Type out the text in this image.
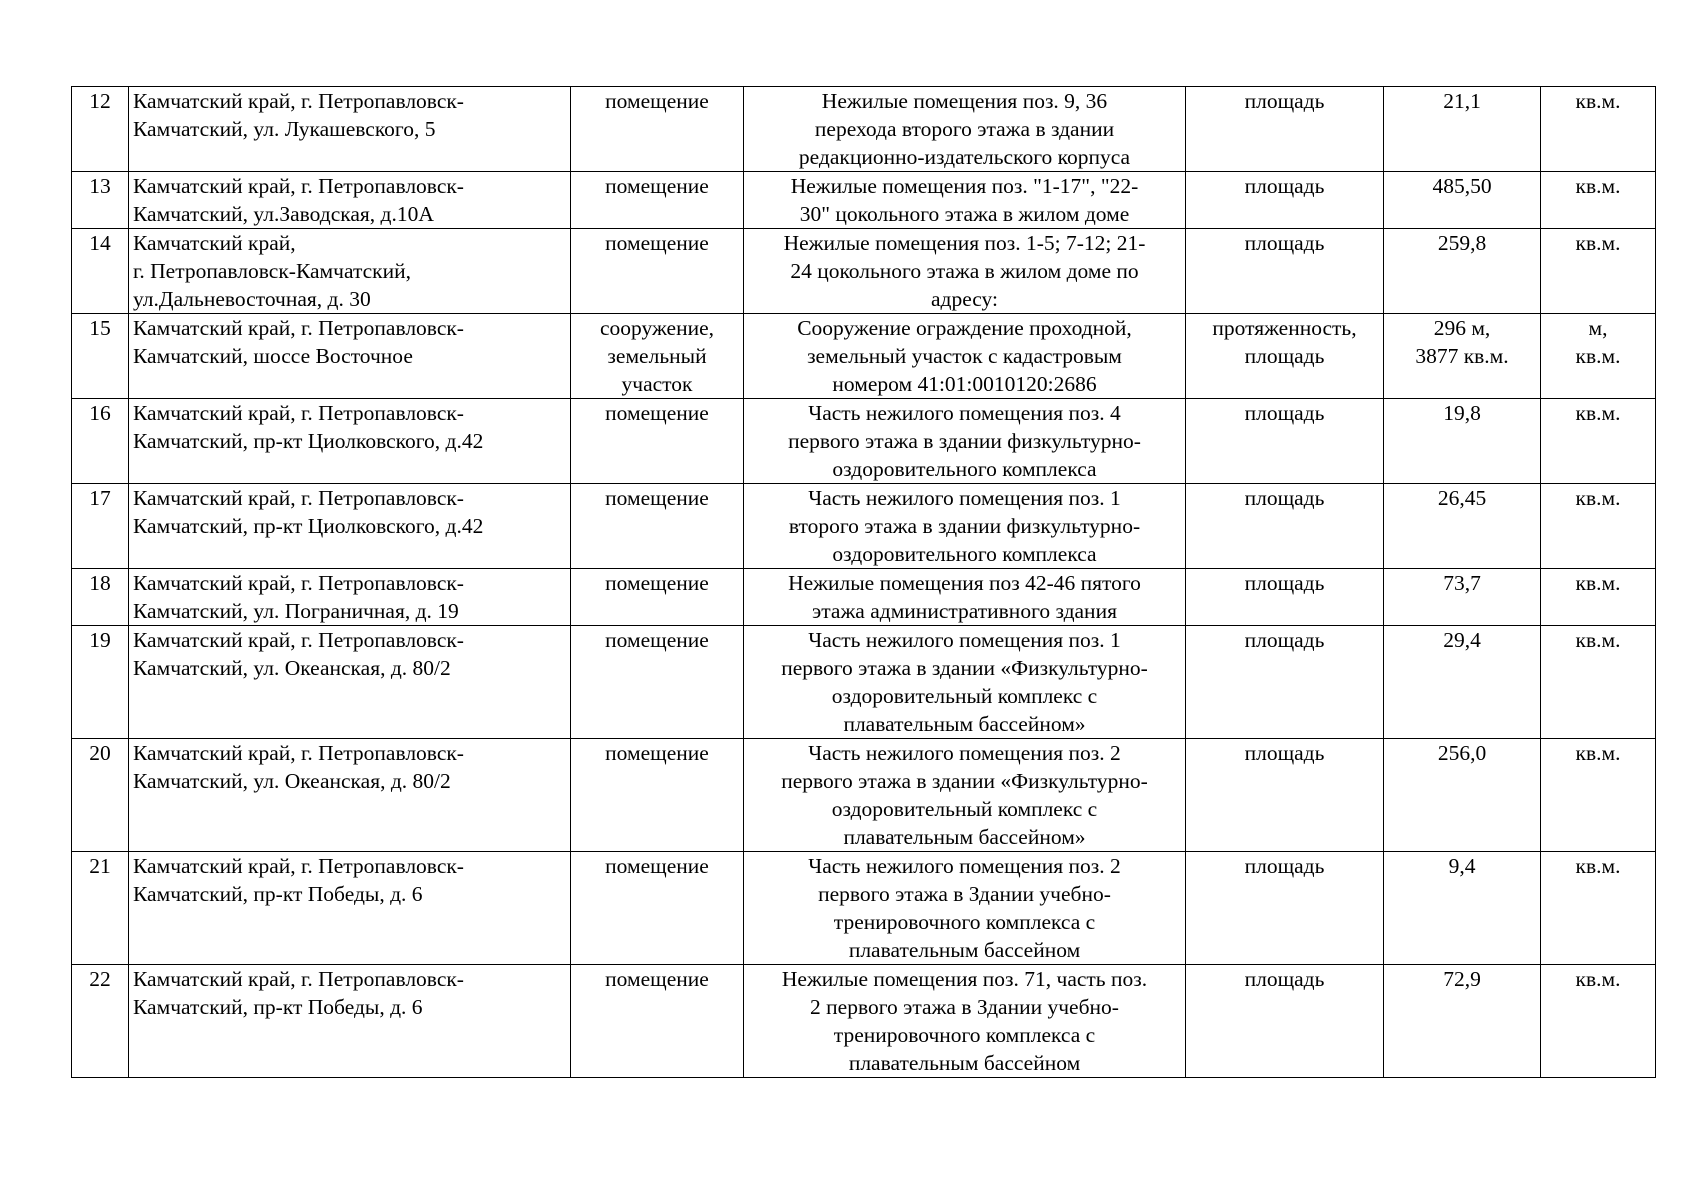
12	Камчатский край, г. Петропавловск-
Камчатский, ул. Лукашевского, 5	помещение	Нежилые помещения поз. 9, 36
перехода второго этажа в здании
редакционно-издательского корпуса	площадь	21,1	кв.м.

13	Камчатский край, г. Петропавловск-
Камчатский, ул.Заводская, д.10А	помещение	Нежилые помещения поз. "1-17", "22-
30" цокольного этажа в жилом доме	площадь	485,50	кв.м.

14	Камчатский край,
г. Петропавловск-Камчатский,
ул.Дальневосточная, д. 30	помещение	Нежилые помещения поз. 1-5; 7-12; 21-
24 цокольного этажа в жилом доме по
адресу:	площадь	259,8	кв.м.

15	Камчатский край, г. Петропавловск-
Камчатский, шоссе Восточное	сооружение,
земельный
участок	Сооружение ограждение проходной,
земельный участок с кадастровым
номером 41:01:0010120:2686	протяженность,
площадь	296 м,
3877 кв.м.	м,
кв.м.

16	Камчатский край, г. Петропавловск-
Камчатский, пр-кт Циолковского, д.42	помещение	Часть нежилого помещения поз. 4
первого этажа в здании физкультурно-
оздоровительного комплекса	площадь	19,8	кв.м.

17	Камчатский край, г. Петропавловск-
Камчатский, пр-кт Циолковского, д.42	помещение	Часть нежилого помещения поз. 1
второго этажа в здании физкультурно-
оздоровительного комплекса	площадь	26,45	кв.м.

18	Камчатский край, г. Петропавловск-
Камчатский, ул. Пограничная, д. 19	помещение	Нежилые помещения поз 42-46 пятого
этажа административного здания	площадь	73,7	кв.м.

19	Камчатский край, г. Петропавловск-
Камчатский, ул. Океанская, д. 80/2	помещение	Часть нежилого помещения поз. 1
первого этажа в здании «Физкультурно-
оздоровительный комплекс с
плавательным бассейном»	площадь	29,4	кв.м.

20	Камчатский край, г. Петропавловск-
Камчатский, ул. Океанская, д. 80/2	помещение	Часть нежилого помещения поз. 2
первого этажа в здании «Физкультурно-
оздоровительный комплекс с
плавательным бассейном»	площадь	256,0	кв.м.

21	Камчатский край, г. Петропавловск-
Камчатский, пр-кт Победы, д. 6	помещение	Часть нежилого помещения поз. 2
первого этажа в Здании учебно-
тренировочного комплекса с
плавательным бассейном	площадь	9,4	кв.м.

22	Камчатский край, г. Петропавловск-
Камчатский, пр-кт Победы, д. 6	помещение	Нежилые помещения поз. 71, часть поз.
2 первого этажа в Здании учебно-
тренировочного комплекса с
плавательным бассейном	площадь	72,9	кв.м.
